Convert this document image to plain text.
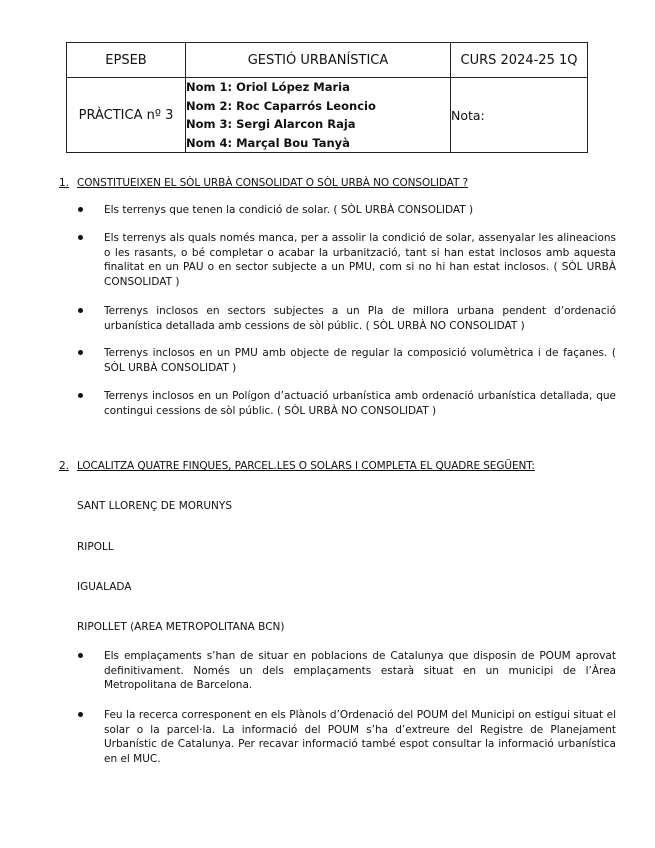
EPSEB	GESTIÓ URBANÍSTICA	CURS 2024-25 1Q
PRÀCTICA nº 3	Nom 1: Oriol López Maria
Nom 2: Roc Caparrós Leoncio
Nom 3: Sergi Alarcon Raja
Nom 4: Marçal Bou Tanyà	Nota:
1. CONSTITUEIXEN EL SÒL URBÀ CONSOLIDAT O SÒL URBÀ NO CONSOLIDAT ?
Els terrenys que tenen la condició de solar. ( SÒL URBÀ CONSOLIDAT )
Els terrenys als quals només manca, per a assolir la condició de solar, assenyalar les alineacions o les rasants, o bé completar o acabar la urbanització, tant si han estat inclosos amb aquesta finalitat en un PAU o en sector subjecte a un PMU, com si no hi han estat inclosos. ( SÒL URBÀ CONSOLIDAT )
Terrenys inclosos en sectors subjectes a un Pla de millora urbana pendent d’ordenació urbanística detallada amb cessions de sòl públic. ( SÒL URBÀ NO CONSOLIDAT )
Terrenys inclosos en un PMU amb objecte de regular la composició volumètrica i de façanes. ( SÒL URBÀ CONSOLIDAT )
Terrenys inclosos en un Polígon d’actuació urbanística amb ordenació urbanística detallada, que contingui cessions de sòl públic. ( SÒL URBÀ NO CONSOLIDAT )
2. LOCALITZA QUATRE FINQUES, PARCEL.LES O SOLARS I COMPLETA EL QUADRE SEGÜENT:
SANT LLORENÇ DE MORUNYS
RIPOLL
IGUALADA
RIPOLLET (AREA METROPOLITANA BCN)
Els emplaçaments s’han de situar en poblacions de Catalunya que disposin de POUM aprovat definitivament. Només un dels emplaçaments estarà situat en un municipi de l’Àrea Metropolitana de Barcelona.
Feu la recerca corresponent en els Plànols d’Ordenació del POUM del Municipi on estigui situat el solar o la parcel·la. La informació del POUM s’ha d’extreure del Registre de Planejament Urbanístic de Catalunya. Per recavar informació també espot consultar la informació urbanística en el MUC.
